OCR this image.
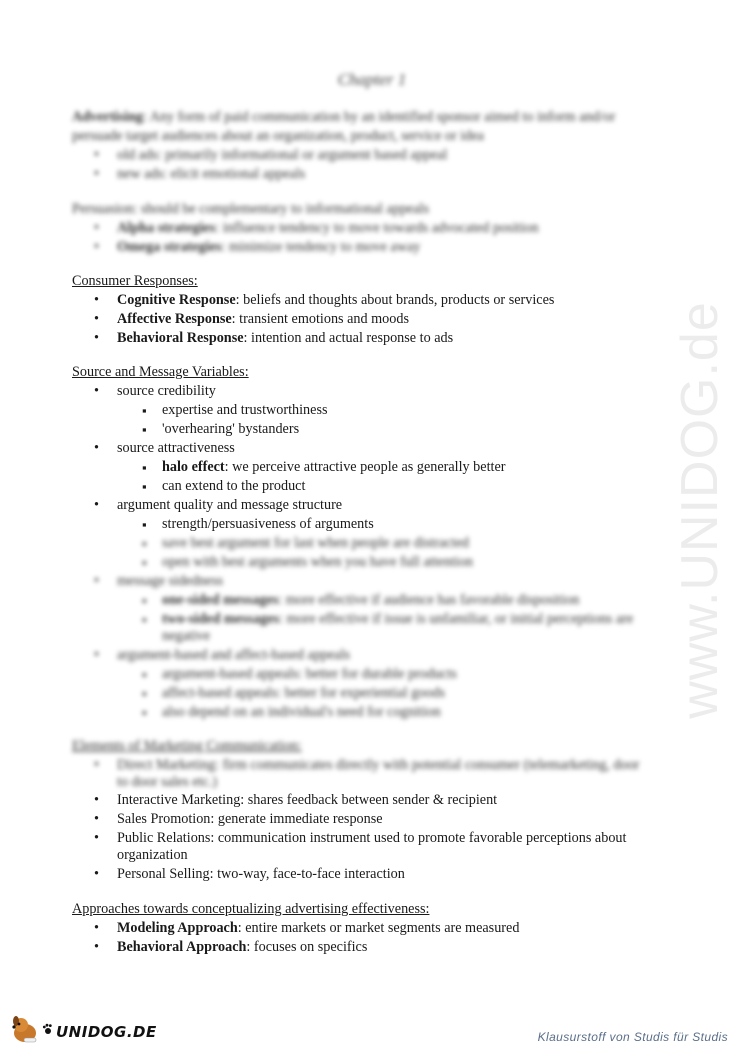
www.UNIDOG.de
Chapter 1
Advertising: Any form of paid communication by an identified sponsor aimed to inform and/or
persuade target audiences about an organization, product, service or idea
• old ads: primarily informational or argument based appeal
• new ads: elicit emotional appeals
Persuasion: should be complementary to informational appeals
• Alpha strategies: influence tendency to move towards advocated position
• Omega strategies: minimize tendency to move away
Consumer Responses:
• Cognitive Response: beliefs and thoughts about brands, products or services
• Affective Response: transient emotions and moods
• Behavioral Response: intention and actual response to ads
Source and Message Variables:
• source credibility
▪ expertise and trustworthiness
▪ 'overhearing' bystanders
• source attractiveness
▪ halo effect: we perceive attractive people as generally better
▪ can extend to the product
• argument quality and message structure
▪ strength/persuasiveness of arguments
▪ save best argument for last when people are distracted
▪ open with best arguments when you have full attention
• message sidedness
▪ one-sided messages: more effective if audience has favorable disposition
▪ two-sided messages: more effective if issue is unfamiliar, or initial perceptions are
negative
• argument-based and affect-based appeals
▪ argument-based appeals: better for durable products
▪ affect-based appeals: better for experiential goods
▪ also depend on an individual's need for cognition
Elements of Marketing Communication:
• Direct Marketing: firm communicates directly with potential consumer (telemarketing, door
to door sales etc.)
• Interactive Marketing: shares feedback between sender & recipient
• Sales Promotion: generate immediate response
• Public Relations: communication instrument used to promote favorable perceptions about
organization
• Personal Selling: two-way, face-to-face interaction
Approaches towards conceptualizing advertising effectiveness:
• Modeling Approach: entire markets or market segments are measured
• Behavioral Approach: focuses on specifics
UNIDOG.DE	Klausurstoff von Studis für Studis
